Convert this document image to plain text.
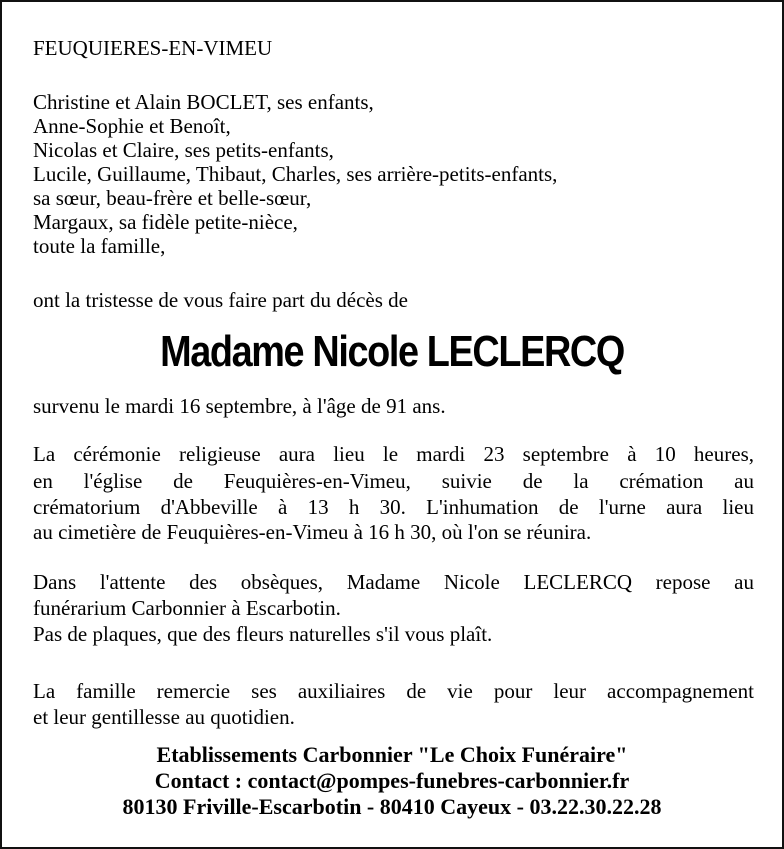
FEUQUIERES-EN-VIMEU
Christine et Alain BOCLET, ses enfants,
Anne-Sophie et Benoît,
Nicolas et Claire, ses petits-enfants,
Lucile, Guillaume, Thibaut, Charles, ses arrière-petits-enfants,
sa sœur, beau-frère et belle-sœur,
Margaux, sa fidèle petite-nièce,
toute la famille,
ont la tristesse de vous faire part du décès de
Madame Nicole LECLERCQ
survenu le mardi 16 septembre, à l'âge de 91 ans.
La cérémonie religieuse aura lieu le mardi 23 septembre à 10 heures,
en l'église de Feuquières-en-Vimeu, suivie de la crémation au
crématorium d'Abbeville à 13 h 30. L'inhumation de l'urne aura lieu
au cimetière de Feuquières-en-Vimeu à 16 h 30, où l'on se réunira.
Dans l'attente des obsèques, Madame Nicole LECLERCQ repose au
funérarium Carbonnier à Escarbotin.
Pas de plaques, que des fleurs naturelles s'il vous plaît.
La famille remercie ses auxiliaires de vie pour leur accompagnement
et leur gentillesse au quotidien.
Etablissements Carbonnier "Le Choix Funéraire"
Contact : contact@pompes-funebres-carbonnier.fr
80130 Friville-Escarbotin - 80410 Cayeux - 03.22.30.22.28
